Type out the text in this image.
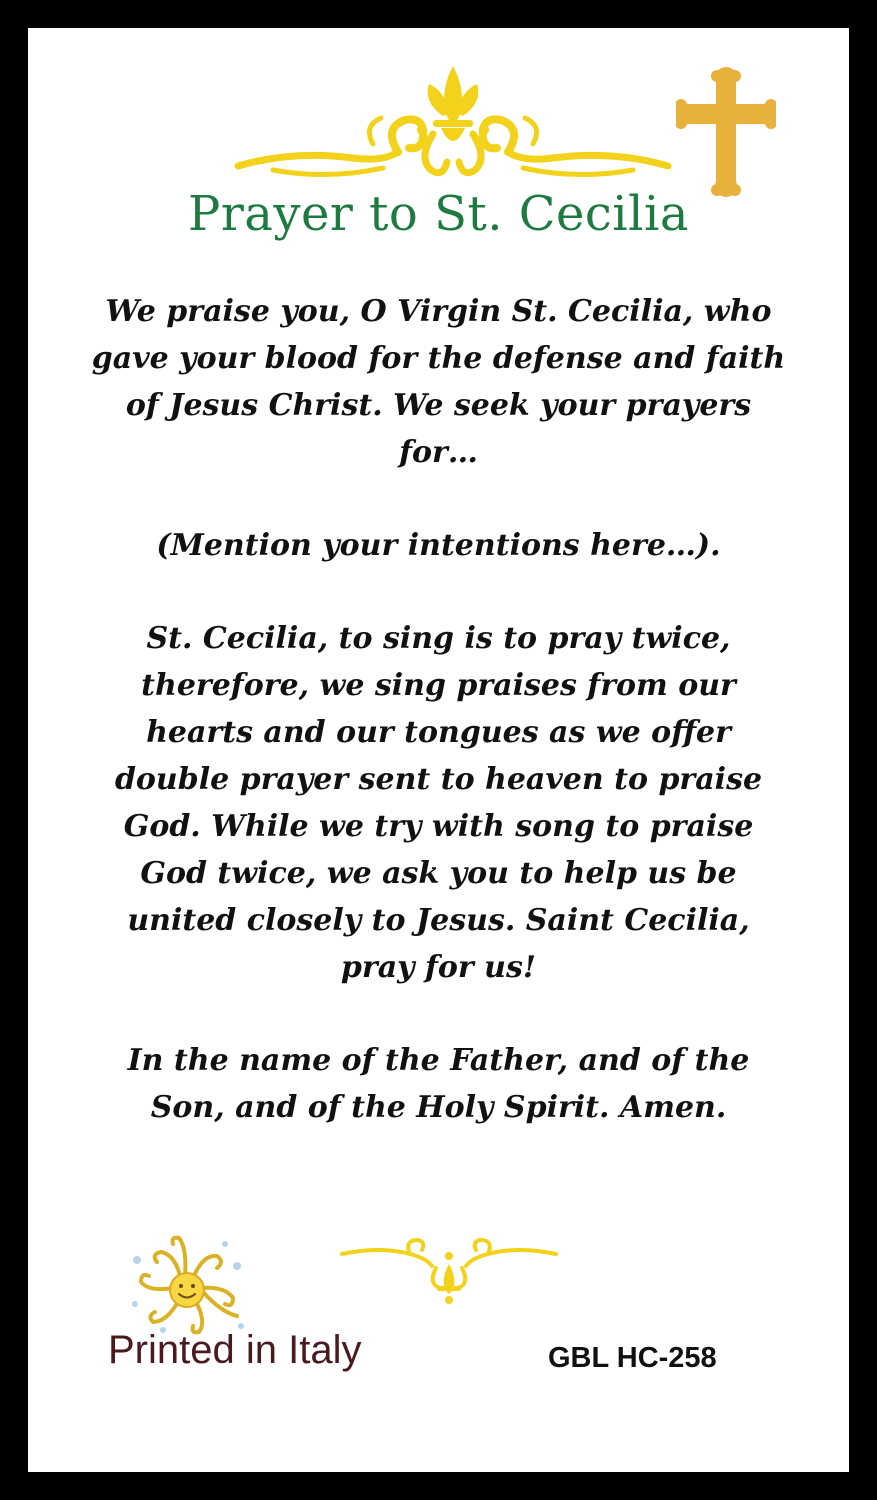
Prayer to St. Cecilia

We praise you, O Virgin St. Cecilia, who gave your blood for the defense and faith of Jesus Christ. We seek your prayers for…

(Mention your intentions here…).

St. Cecilia, to sing is to pray twice, therefore, we sing praises from our hearts and our tongues as we offer double prayer sent to heaven to praise God. While we try with song to praise God twice, we ask you to help us be united closely to Jesus. Saint Cecilia, pray for us!

In the name of the Father, and of the Son, and of the Holy Spirit. Amen.

Printed in Italy	GBL HC-258
